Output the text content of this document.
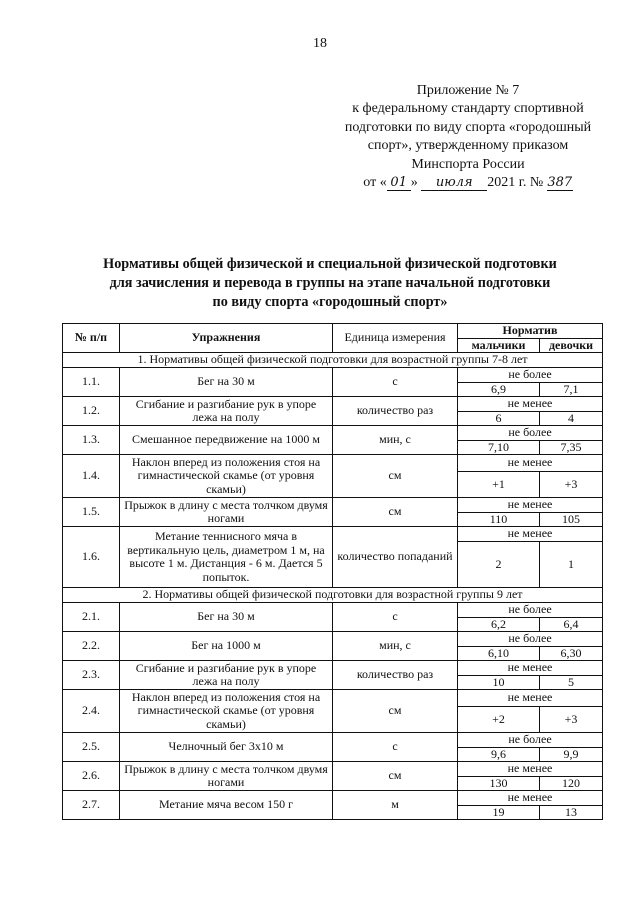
18
Приложение № 7
к федеральному стандарту спортивной
подготовки по виду спорта «городошный
спорт», утвержденному приказом
Минспорта России
от « 01 » июля 2021 г. № 387
Нормативы общей физической и специальной физической подготовки
для зачисления и перевода в группы на этапе начальной подготовки
по виду спорта «городошный спорт»
№ п/п	Упражнения	Единица измерения	Норматив	
			мальчики	девочки
1. Нормативы общей физической подготовки для возрастной группы 7-8 лет				
1.1.	Бег на 30 м	с	не более	
			6,9	7,1
1.2.	Сгибание и разгибание рук в упоре лежа на полу	количество раз	не менее	
			6	4
1.3.	Смешанное передвижение на 1000 м	мин, с	не более	
			7,10	7,35
1.4.	Наклон вперед из положения стоя на гимнастической скамье (от уровня скамьи)	см	не менее	
			+1	+3
1.5.	Прыжок в длину с места толчком двумя ногами	см	не менее	
			110	105
1.6.	Метание теннисного мяча в вертикальную цель, диаметром 1 м, на высоте 1 м. Дистанция - 6 м. Дается 5 попыток.	количество попаданий	не менее	
			2	1
2. Нормативы общей физической подготовки для возрастной группы 9 лет				
2.1.	Бег на 30 м	с	не более	
			6,2	6,4
2.2.	Бег на 1000 м	мин, с	не более	
			6,10	6,30
2.3.	Сгибание и разгибание рук в упоре лежа на полу	количество раз	не менее	
			10	5
2.4.	Наклон вперед из положения стоя на гимнастической скамье (от уровня скамьи)	см	не менее	
			+2	+3
2.5.	Челночный бег 3х10 м	с	не более	
			9,6	9,9
2.6.	Прыжок в длину с места толчком двумя ногами	см	не менее	
			130	120
2.7.	Метание мяча весом 150 г	м	не менее	
			19	13
